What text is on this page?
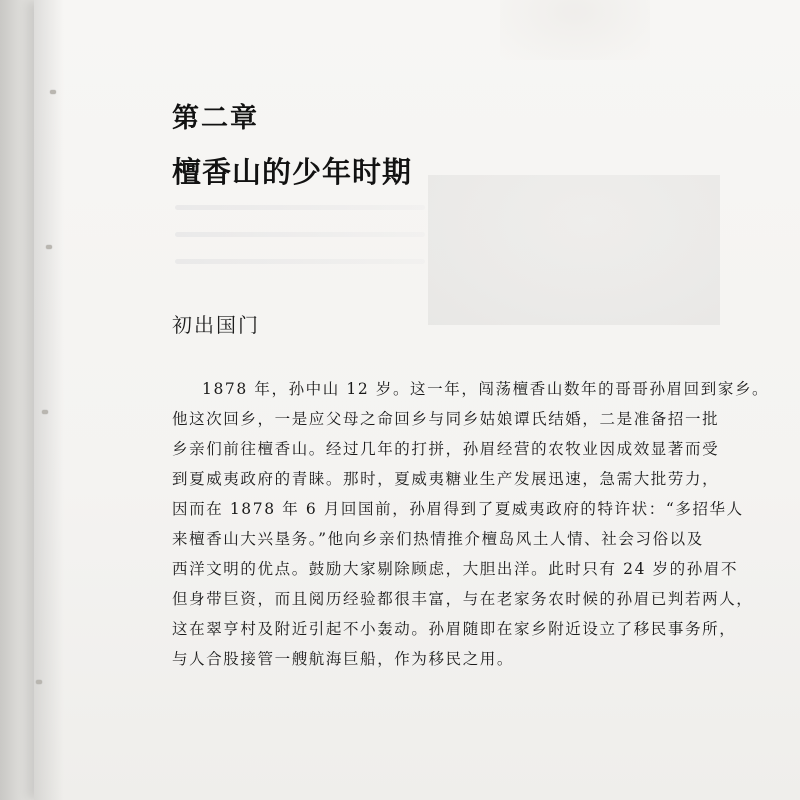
第二章
檀香山的少年时期
初出国门
1878 年，孙中山 12 岁。这一年，闯荡檀香山数年的哥哥孙眉回到家乡。
他这次回乡，一是应父母之命回乡与同乡姑娘谭氏结婚，二是准备招一批
乡亲们前往檀香山。经过几年的打拼，孙眉经营的农牧业因成效显著而受
到夏威夷政府的青睐。那时，夏威夷糖业生产发展迅速，急需大批劳力，
因而在 1878 年 6 月回国前，孙眉得到了夏威夷政府的特许状：“多招华人
来檀香山大兴垦务。”他向乡亲们热情推介檀岛风土人情、社会习俗以及
西洋文明的优点。鼓励大家剔除顾虑，大胆出洋。此时只有 24 岁的孙眉不
但身带巨资，而且阅历经验都很丰富，与在老家务农时候的孙眉已判若两人，
这在翠亨村及附近引起不小轰动。孙眉随即在家乡附近设立了移民事务所，
与人合股接管一艘航海巨船，作为移民之用。
